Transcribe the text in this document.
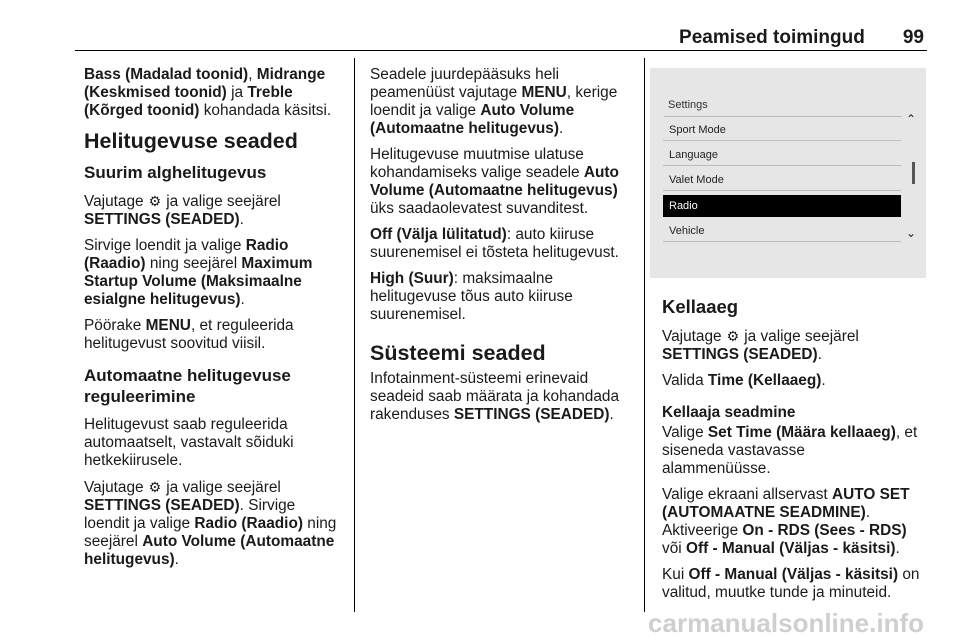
Peamised toimingud 99

Bass (Madalad toonid), Midrange
(Keskmised toonid) ja Treble
(Kõrged toonid) kohandada käsitsi.

Helitugevuse seaded
Suurim alghelitugevus

Vajutage ⚙ ja valige seejärel
SETTINGS (SEADED).

Sirvige loendit ja valige Radio
(Raadio) ning seejärel Maximum
Startup Volume (Maksimaalne
esialgne helitugevus).

Pöörake MENU, et reguleerida
helitugevust soovitud viisil.

Automaatne helitugevuse
reguleerimine

Helitugevust saab reguleerida
automaatselt, vastavalt sõiduki
hetkekiirusele.

Vajutage ⚙ ja valige seejärel
SETTINGS (SEADED). Sirvige
loendit ja valige Radio (Raadio) ning
seejärel Auto Volume (Automaatne
helitugevus).

Seadele juurdepääsuks heli
peamenüüst vajutage MENU, kerige
loendit ja valige Auto Volume
(Automaatne helitugevus).

Helitugevuse muutmise ulatuse
kohandamiseks valige seadele Auto
Volume (Automaatne helitugevus)
üks saadaolevatest suvanditest.

Off (Välja lülitatud): auto kiiruse
suurenemisel ei tõsteta helitugevust.

High (Suur): maksimaalne
helitugevuse tõus auto kiiruse
suurenemisel.

Süsteemi seaded

Infotainment-süsteemi erinevaid
seadeid saab määrata ja kohandada
rakenduses SETTINGS (SEADED).

Settings
Sport Mode
Language
Valet Mode
Radio
Vehicle
⌃
⌄
Kellaaeg

Vajutage ⚙ ja valige seejärel
SETTINGS (SEADED).

Valida Time (Kellaaeg).

Kellaaja seadmine

Valige Set Time (Määra kellaaeg), et
siseneda vastavasse
alammenüüsse.

Valige ekraani allservast AUTO SET
(AUTOMAATNE SEADMINE).
Aktiveerige On - RDS (Sees - RDS)
või Off - Manual (Väljas - käsitsi).

Kui Off - Manual (Väljas - käsitsi) on
valitud, muutke tunde ja minuteid.

carmanualsonline.info
